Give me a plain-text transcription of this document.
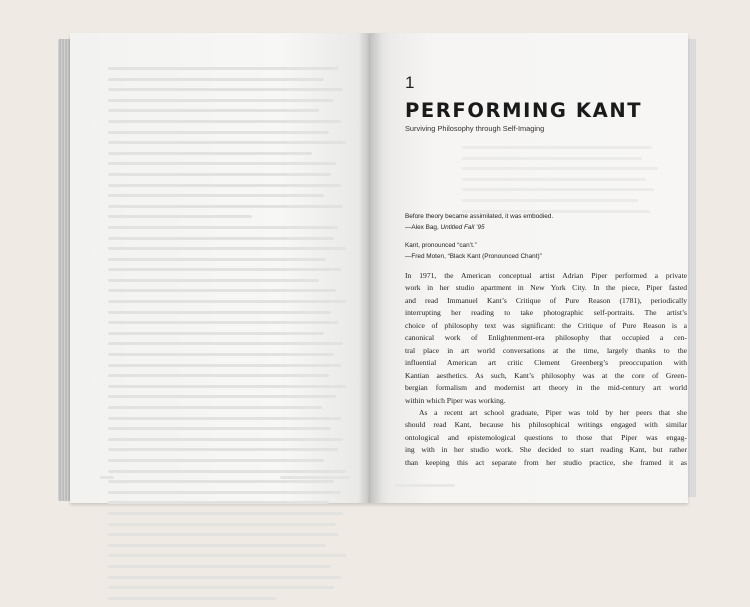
1
PERFORMING KANT
Surviving Philosophy through Self-Imaging
Before theory became assimilated, it was embodied.
—Alex Bag, Untitled Fall ’95
Kant, pronounced “can’t.”
—Fred Moten, “Black Kant (Pronounced Chant)”
In 1971, the American conceptual artist Adrian Piper performed a private
work in her studio apartment in New York City. In the piece, Piper fasted
and read Immanuel Kant’s Critique of Pure Reason (1781), periodically
interrupting her reading to take photographic self-portraits. The artist’s
choice of philosophy text was significant: the Critique of Pure Reason is a
canonical work of Enlightenment-era philosophy that occupied a cen-
tral place in art world conversations at the time, largely thanks to the
influential American art critic Clement Greenberg’s preoccupation with
Kantian aesthetics. As such, Kant’s philosophy was at the core of Green-
bergian formalism and modernist art theory in the mid-century art world
within which Piper was working.
As a recent art school graduate, Piper was told by her peers that she
should read Kant, because his philosophical writings engaged with similar
ontological and epistemological questions to those that Piper was engag-
ing with in her studio work. She decided to start reading Kant, but rather
than keeping this act separate from her studio practice, she framed it as
